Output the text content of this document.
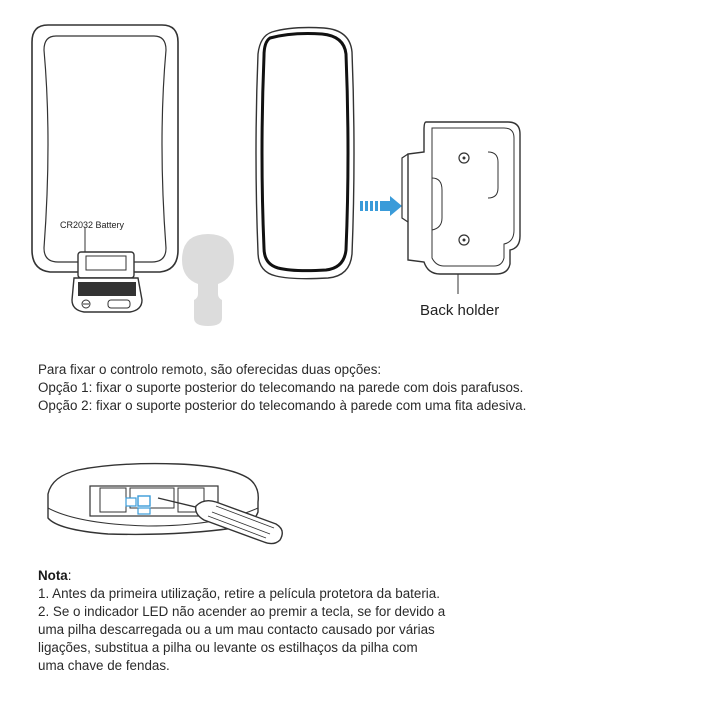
CR2032 Battery
Back holder
Para fixar o controlo remoto, são oferecidas duas opções:
Opção 1: fixar o suporte posterior do telecomando na parede com dois parafusos.
Opção 2: fixar o suporte posterior do telecomando à parede com uma fita adesiva.
Nota:
1. Antes da primeira utilização, retire a película protetora da bateria.
2. Se o indicador LED não acender ao premir a tecla, se for devido a
uma pilha descarregada ou a um mau contacto causado por várias
ligações, substitua a pilha ou levante os estilhaços da pilha com
uma chave de fendas.
